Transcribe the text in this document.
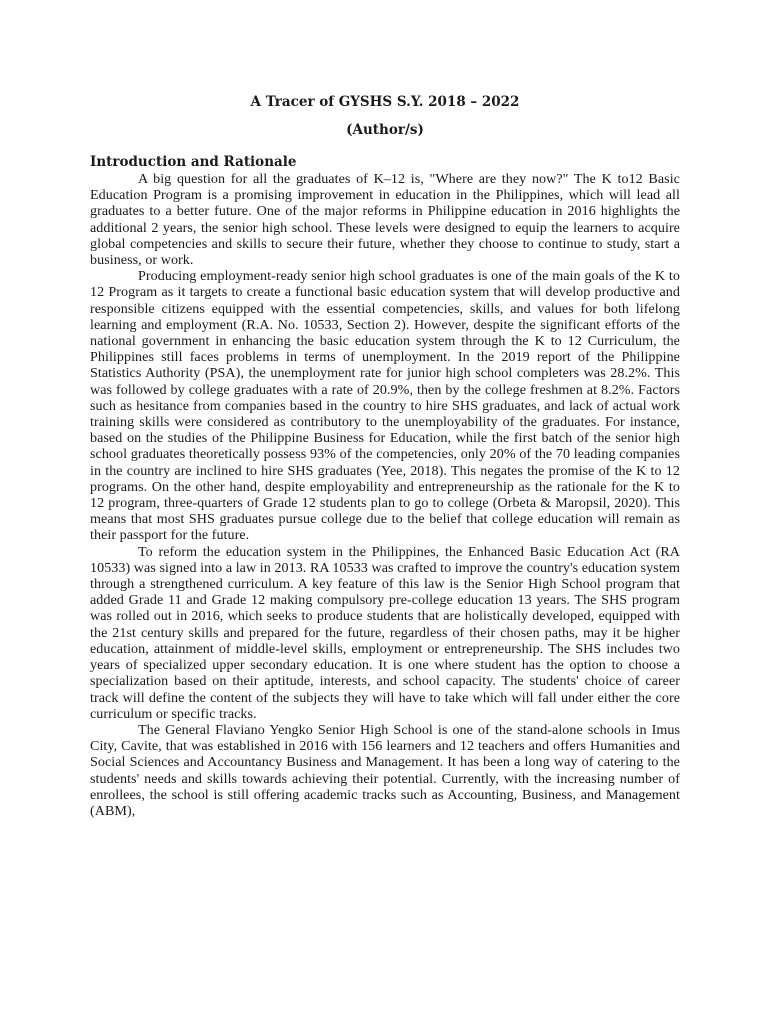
A Tracer of GYSHS S.Y. 2018 – 2022
(Author/s)
Introduction and Rationale

A big question for all the graduates of K–12 is, "Where are they now?" The K to12 Basic Education Program is a promising improvement in education in the Philippines, which will lead all graduates to a better future. One of the major reforms in Philippine education in 2016 highlights the additional 2 years, the senior high school. These levels were designed to equip the learners to acquire global competencies and skills to secure their future, whether they choose to continue to study, start a business, or work.

Producing employment-ready senior high school graduates is one of the main goals of the K to 12 Program as it targets to create a functional basic education system that will develop productive and responsible citizens equipped with the essential competencies, skills, and values for both lifelong learning and employment (R.A. No. 10533, Section 2). However, despite the significant efforts of the national government in enhancing the basic education system through the K to 12 Curriculum, the Philippines still faces problems in terms of unemployment. In the 2019 report of the Philippine Statistics Authority (PSA), the unemployment rate for junior high school completers was 28.2%. This was followed by college graduates with a rate of 20.9%, then by the college freshmen at 8.2%. Factors such as hesitance from companies based in the country to hire SHS graduates, and lack of actual work training skills were considered as contributory to the unemployability of the graduates. For instance, based on the studies of the Philippine Business for Education, while the first batch of the senior high school graduates theoretically possess 93% of the competencies, only 20% of the 70 leading companies in the country are inclined to hire SHS graduates (Yee, 2018). This negates the promise of the K to 12 programs. On the other hand, despite employability and entrepreneurship as the rationale for the K to 12 program, three-quarters of Grade 12 students plan to go to college (Orbeta & Maropsil, 2020). This means that most SHS graduates pursue college due to the belief that college education will remain as their passport for the future.

To reform the education system in the Philippines, the Enhanced Basic Education Act (RA 10533) was signed into a law in 2013. RA 10533 was crafted to improve the country's education system through a strengthened curriculum. A key feature of this law is the Senior High School program that added Grade 11 and Grade 12 making compulsory pre-college education 13 years. The SHS program was rolled out in 2016, which seeks to produce students that are holistically developed, equipped with the 21st century skills and prepared for the future, regardless of their chosen paths, may it be higher education, attainment of middle-level skills, employment or entrepreneurship. The SHS includes two years of specialized upper secondary education. It is one where student has the option to choose a specialization based on their aptitude, interests, and school capacity. The students' choice of career track will define the content of the subjects they will have to take which will fall under either the core curriculum or specific tracks.

The General Flaviano Yengko Senior High School is one of the stand-alone schools in Imus City, Cavite, that was established in 2016 with 156 learners and 12 teachers and offers Humanities and Social Sciences and Accountancy Business and Management. It has been a long way of catering to the students' needs and skills towards achieving their potential. Currently, with the increasing number of enrollees, the school is still offering academic tracks such as Accounting, Business, and Management (ABM),
